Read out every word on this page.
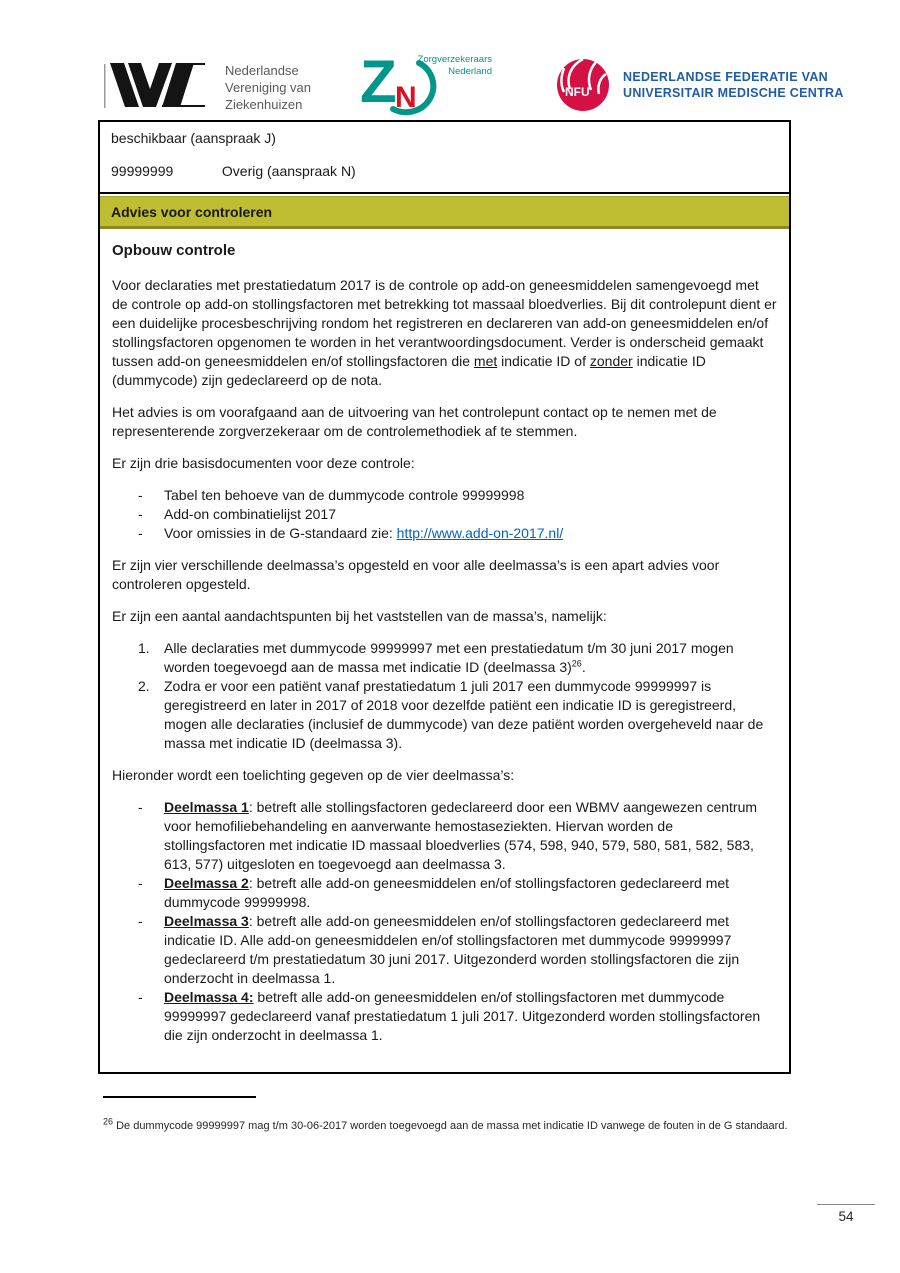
Nederlandse
Vereniging van
Ziekenhuizen Z
N
Zorgverzekeraars
Nederland
NFU
NEDERLANDSE FEDERATIE VAN
UNIVERSITAIR MEDISCHE CENTRA
beschikbaar (aanspraak J)
99999999	Overig (aanspraak N)
Advies voor controleren
Opbouw controle

Voor declaraties met prestatiedatum 2017 is de controle op add-on geneesmiddelen samengevoegd met de controle op add-on stollingsfactoren met betrekking tot massaal bloedverlies. Bij dit controlepunt dient er een duidelijke procesbeschrijving rondom het registreren en declareren van add-on geneesmiddelen en/of stollingsfactoren opgenomen te worden in het verantwoordingsdocument. Verder is onderscheid gemaakt tussen add-on geneesmiddelen en/of stollingsfactoren die met indicatie ID of zonder indicatie ID (dummycode) zijn gedeclareerd op de nota.

Het advies is om voorafgaand aan de uitvoering van het controlepunt contact op te nemen met de representerende zorgverzekeraar om de controlemethodiek af te stemmen.

Er zijn drie basisdocumenten voor deze controle:

-	Tabel ten behoeve van de dummycode controle 99999998
-	Add-on combinatielijst 2017
-	Voor omissies in de G-standaard zie: http://www.add-on-2017.nl/

Er zijn vier verschillende deelmassa’s opgesteld en voor alle deelmassa’s is een apart advies voor controleren opgesteld.

Er zijn een aantal aandachtspunten bij het vaststellen van de massa’s, namelijk:

1.	Alle declaraties met dummycode 99999997 met een prestatiedatum t/m 30 juni 2017 mogen worden toegevoegd aan de massa met indicatie ID (deelmassa 3)$^{26}$.
2.	Zodra er voor een patiënt vanaf prestatiedatum 1 juli 2017 een dummycode 99999997 is geregistreerd en later in 2017 of 2018 voor dezelfde patiënt een indicatie ID is geregistreerd, mogen alle declaraties (inclusief de dummycode) van deze patiënt worden overgeheveld naar de massa met indicatie ID (deelmassa 3).

Hieronder wordt een toelichting gegeven op de vier deelmassa’s:

-	Deelmassa 1: betreft alle stollingsfactoren gedeclareerd door een WBMV aangewezen centrum voor hemofiliebehandeling en aanverwante hemostaseziekten. Hiervan worden de stollingsfactoren met indicatie ID massaal bloedverlies (574, 598, 940, 579, 580, 581, 582, 583, 613, 577) uitgesloten en toegevoegd aan deelmassa 3.
-	Deelmassa 2: betreft alle add-on geneesmiddelen en/of stollingsfactoren gedeclareerd met dummycode 99999998.
-	Deelmassa 3: betreft alle add-on geneesmiddelen en/of stollingsfactoren gedeclareerd met indicatie ID. Alle add-on geneesmiddelen en/of stollingsfactoren met dummycode 99999997 gedeclareerd t/m prestatiedatum 30 juni 2017. Uitgezonderd worden stollingsfactoren die zijn onderzocht in deelmassa 1.
-	Deelmassa 4: betreft alle add-on geneesmiddelen en/of stollingsfactoren met dummycode 99999997 gedeclareerd vanaf prestatiedatum 1 juli 2017. Uitgezonderd worden stollingsfactoren die zijn onderzocht in deelmassa 1.
$^{26}$ De dummycode 99999997 mag t/m 30-06-2017 worden toegevoegd aan de massa met indicatie ID vanwege de fouten in de G standaard.
54
